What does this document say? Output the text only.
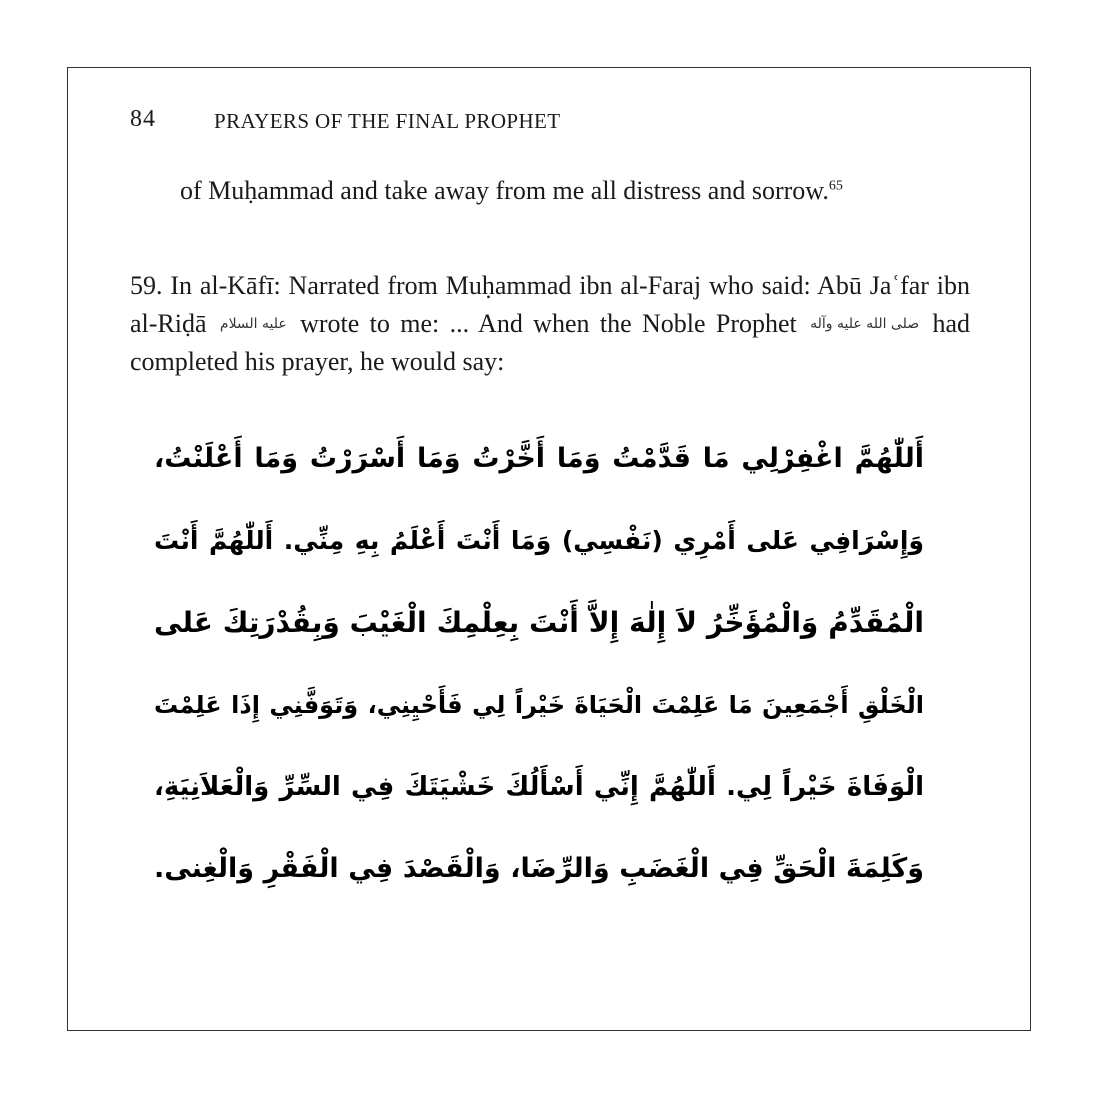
84	PRAYERS OF THE FINAL PROPHET

of Muḥammad and take away from me all distress and sorrow.$^{65}$

59. In al-Kāfī: Narrated from Muḥammad ibn al-Faraj who said: Abū Jaʿfar ibn al-Riḍā عليه السلام wrote to me: ... And when the Noble Prophet صلى الله عليه وآله had completed his prayer, he would say:

أَللّٰهُمَّ اغْفِرْلِي مَا قَدَّمْتُ وَمَا أَخَّرْتُ وَمَا أَسْرَرْتُ وَمَا أَعْلَنْتُ،
وَإِسْرَافِي عَلى أَمْرِي (نَفْسِي) وَمَا أَنْتَ أَعْلَمُ بِهِ مِنِّي. أَللّٰهُمَّ أَنْتَ
الْمُقَدِّمُ وَالْمُؤَخِّرُ لاَ إِلٰهَ إِلاَّ أَنْتَ بِعِلْمِكَ الْغَيْبَ وَبِقُدْرَتِكَ عَلى
الْخَلْقِ أَجْمَعِينَ مَا عَلِمْتَ الْحَيَاةَ خَيْراً لِي فَأَحْيِنِي، وَتَوَفَّنِي إِذَا عَلِمْتَ
الْوَفَاةَ خَيْراً لِي. أَللّٰهُمَّ إِنِّي أَسْأَلُكَ خَشْيَتَكَ فِي السِّرِّ وَالْعَلاَنِيَةِ،
وَكَلِمَةَ الْحَقِّ فِي الْغَضَبِ وَالرِّضَا، وَالْقَصْدَ فِي الْفَقْرِ وَالْغِنى.
